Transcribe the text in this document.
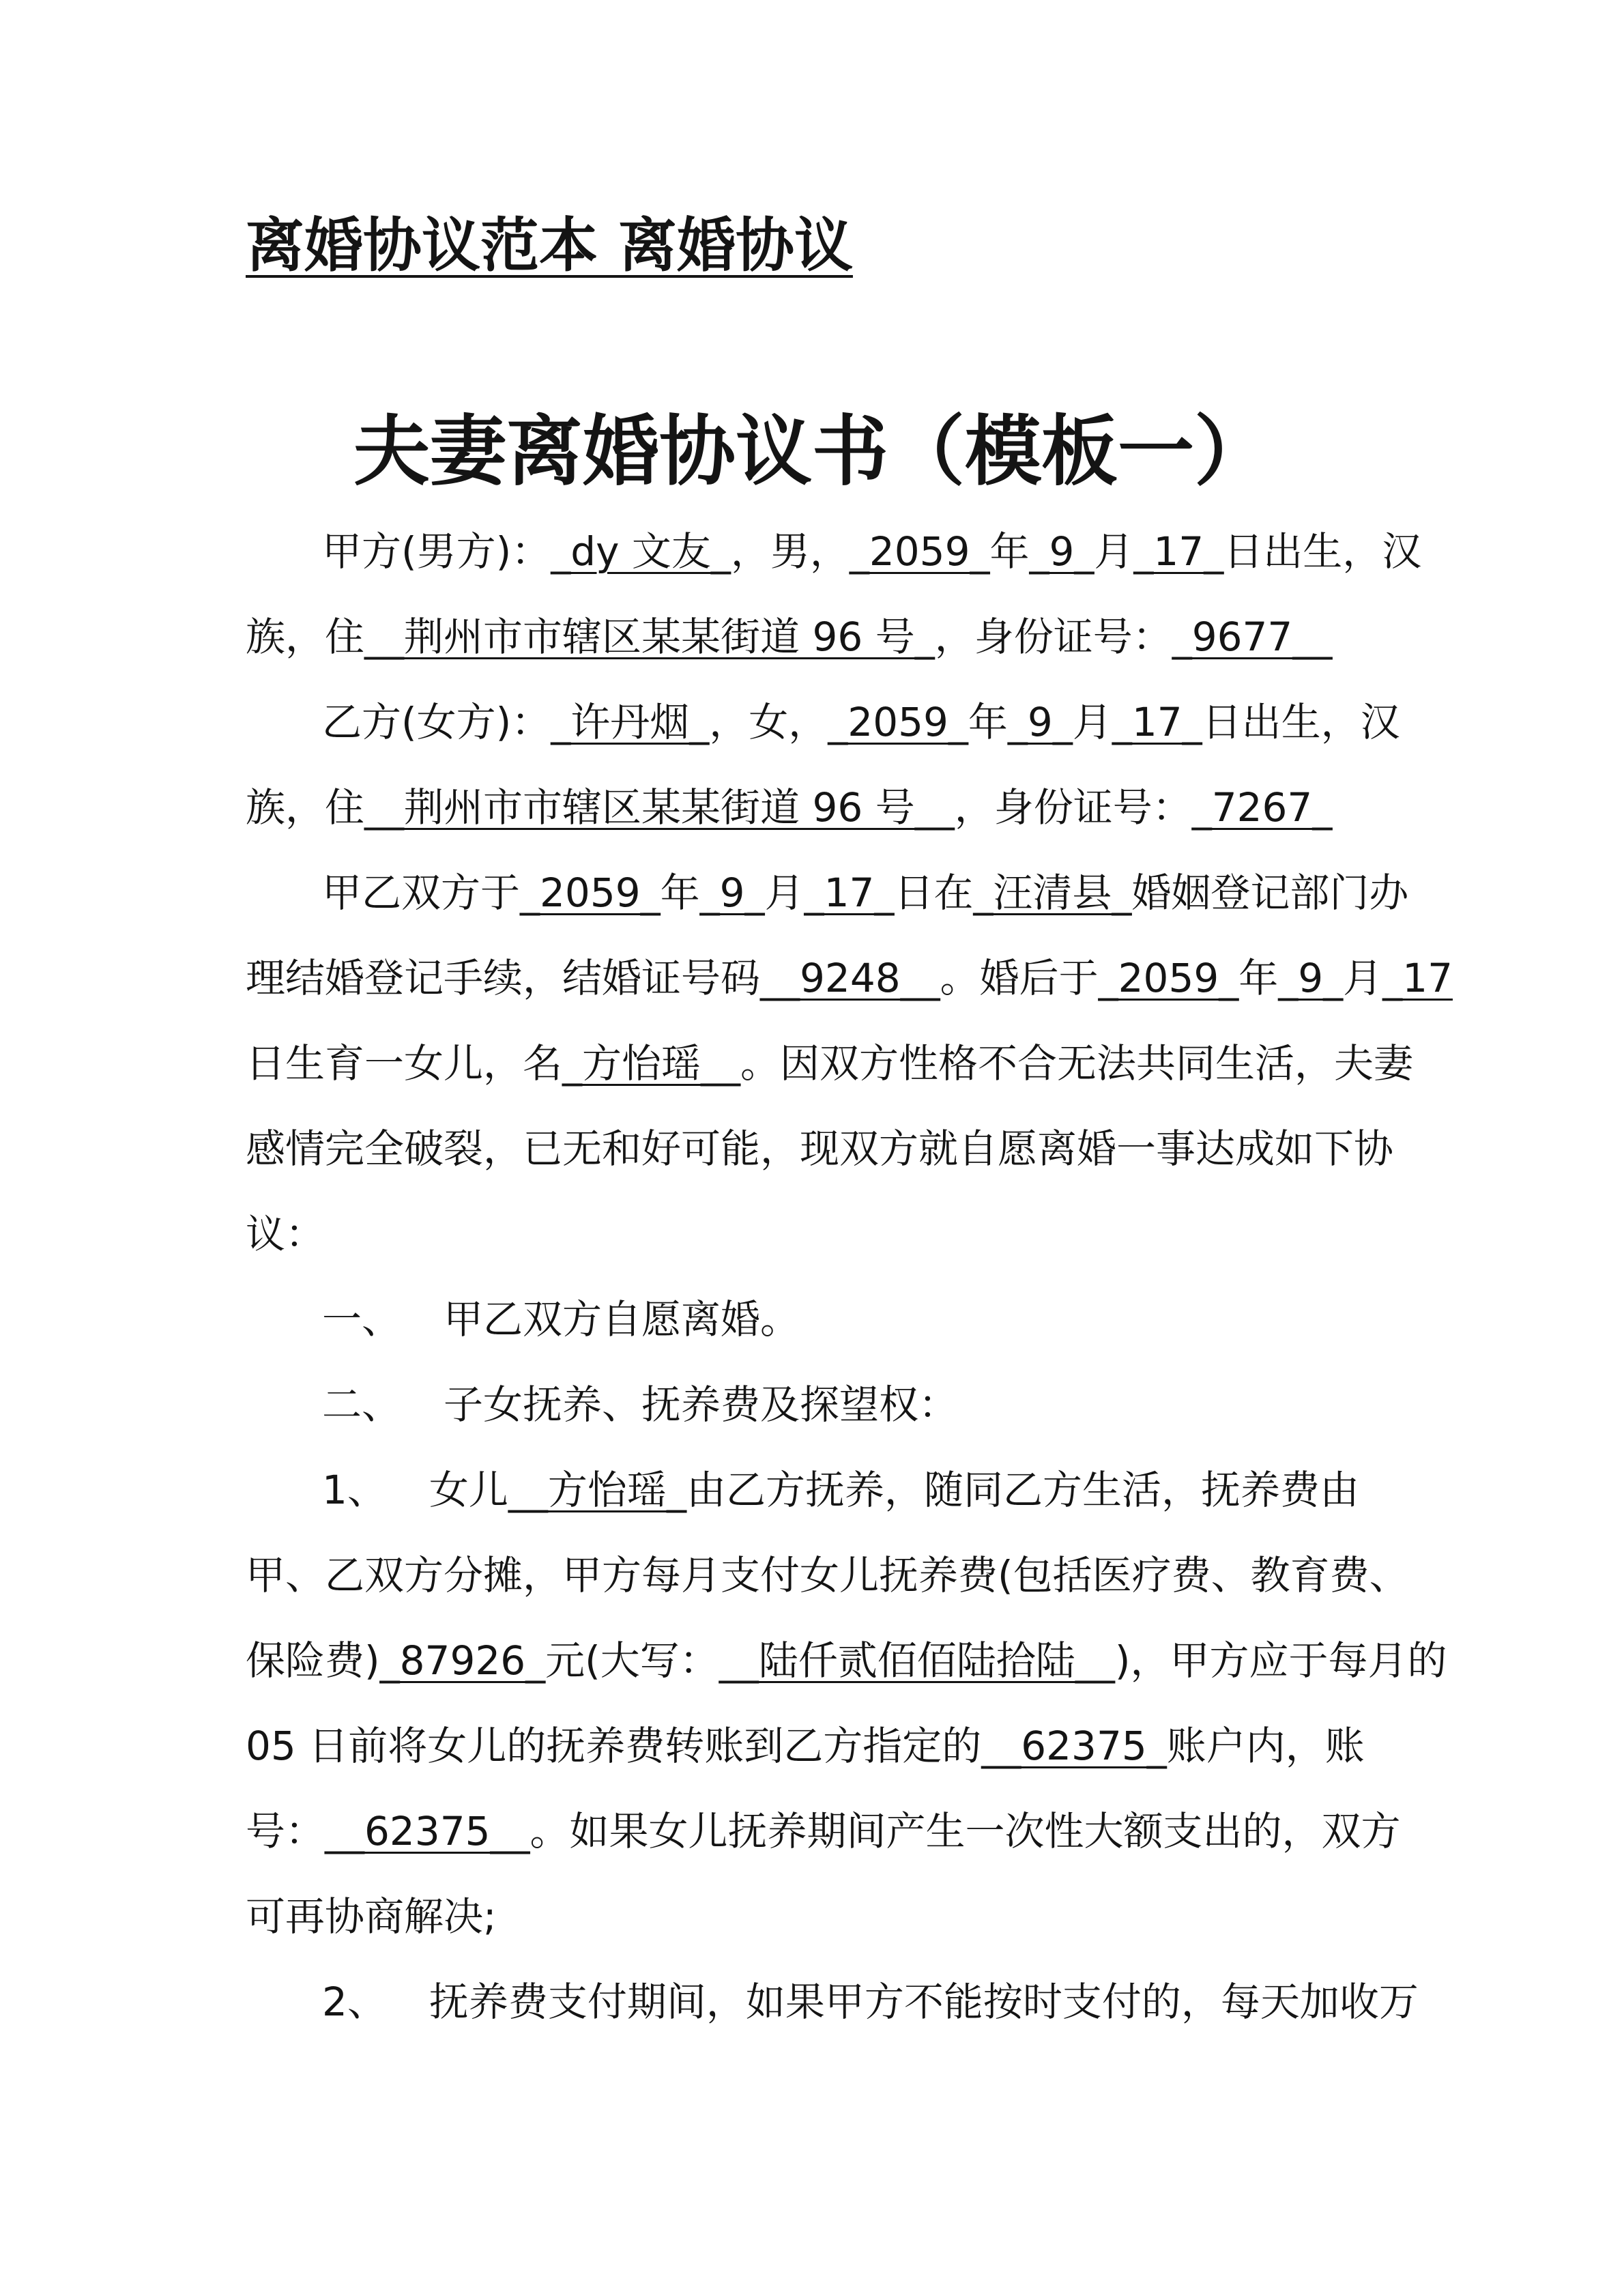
离婚协议范本 离婚协议
夫妻离婚协议书（模板一）
甲方(男方)：_dy 文友_，男，_2059_年_9_月_17_日出生，汉
族，住__荆州市市辖区某某街道 96 号_，身份证号：_9677__
乙方(女方)：_许丹烟_，女，_2059_年_9_月_17_日出生，汉
族，住__荆州市市辖区某某街道 96 号__，身份证号：_7267_
甲乙双方于_2059_年_9_月_17_日在_汪清县_婚姻登记部门办
理结婚登记手续，结婚证号码__9248__。婚后于_2059_年_9_月_17
日生育一女儿，名_方怡瑶__。因双方性格不合无法共同生活，夫妻
感情完全破裂，已无和好可能，现双方就自愿离婚一事达成如下协
议：
一、 甲乙双方自愿离婚。
二、 子女抚养、抚养费及探望权：
1、 女儿__方怡瑶_由乙方抚养，随同乙方生活，抚养费由
甲、乙双方分摊，甲方每月支付女儿抚养费(包括医疗费、教育费、
保险费)_87926_元(大写：__陆仟贰佰佰陆拾陆__)，甲方应于每月的
05 日前将女儿的抚养费转账到乙方指定的__62375_账户内，账
号：__62375__。如果女儿抚养期间产生一次性大额支出的，双方
可再协商解决;
2、 抚养费支付期间，如果甲方不能按时支付的，每天加收万
